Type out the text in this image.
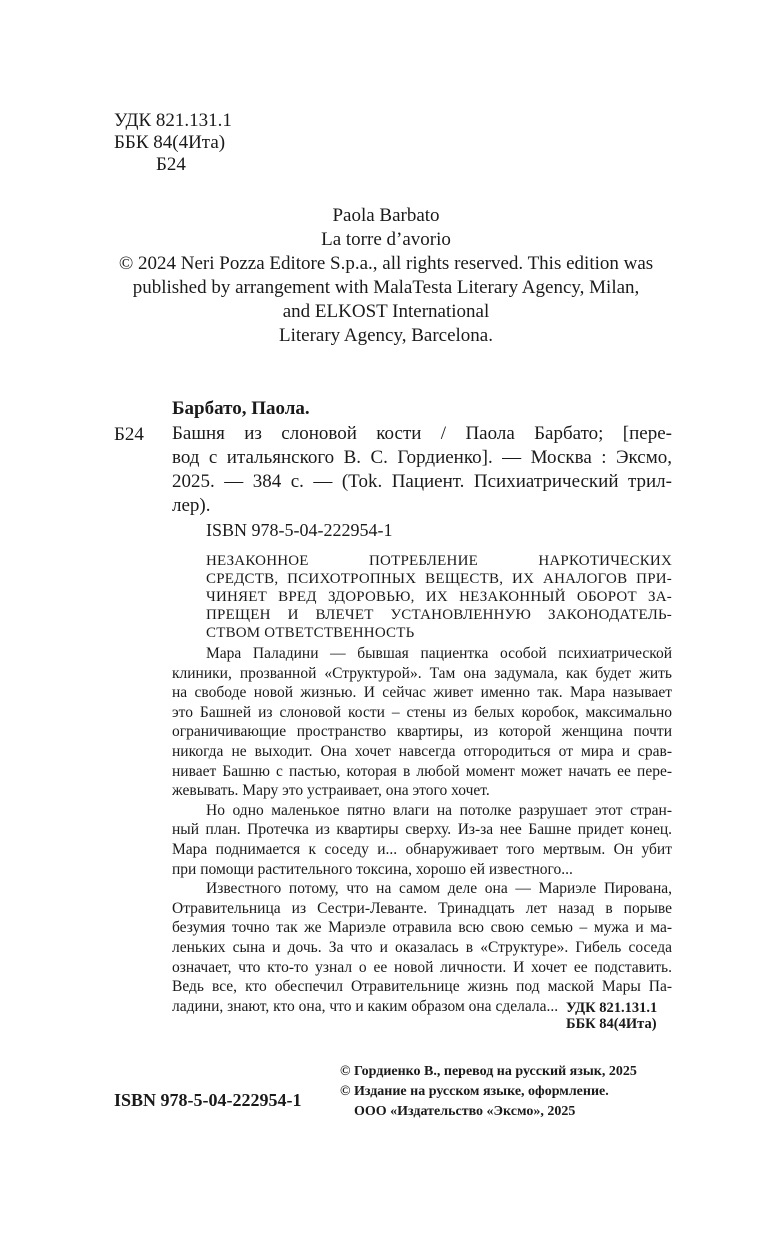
УДК 821.131.1
ББК 84(4Ита)
Б24
Paola Barbato
La torre d’avorio
© 2024 Neri Pozza Editore S.p.a., all rights reserved. This edition was
published by arrangement with MalaTesta Literary Agency, Milan,
and ELKOST International
Literary Agency, Barcelona.
Барбато, Паола.
Б24 Башня из слоновой кости / Паола Барбато; [пере-
вод с итальянского В. С. Гордиенко]. — Москва : Эксмо,
2025. — 384 с. — (Tok. Пациент. Психиатрический трил-
лер).
ISBN 978-5-04-222954-1
НЕЗАКОННОЕ ПОТРЕБЛЕНИЕ НАРКОТИЧЕСКИХ
СРЕДСТВ, ПСИХОТРОПНЫХ ВЕЩЕСТВ, ИХ АНАЛОГОВ ПРИ-
ЧИНЯЕТ ВРЕД ЗДОРОВЬЮ, ИХ НЕЗАКОННЫЙ ОБОРОТ ЗА-
ПРЕЩЕН И ВЛЕЧЕТ УСТАНОВЛЕННУЮ ЗАКОНОДАТЕЛЬ-
СТВОМ ОТВЕТСТВЕННОСТЬ
Мара Паладини — бывшая пациентка особой психиатрической
клиники, прозванной «Структурой». Там она задумала, как будет жить
на свободе новой жизнью. И сейчас живет именно так. Мара называет
это Башней из слоновой кости – стены из белых коробок, максимально
ограничивающие пространство квартиры, из которой женщина почти
никогда не выходит. Она хочет навсегда отгородиться от мира и срав-
нивает Башню с пастью, которая в любой момент может начать ее пере-
жевывать. Мару это устраивает, она этого хочет.
Но одно маленькое пятно влаги на потолке разрушает этот стран-
ный план. Протечка из квартиры сверху. Из-за нее Башне придет конец.
Мара поднимается к соседу и... обнаруживает того мертвым. Он убит
при помощи растительного токсина, хорошо ей известного...
Известного потому, что на самом деле она — Мариэле Пирована,
Отравительница из Сестри-Леванте. Тринадцать лет назад в порыве
безумия точно так же Мариэле отравила всю свою семью – мужа и ма-
леньких сына и дочь. За что и оказалась в «Структуре». Гибель соседа
означает, что кто-то узнал о ее новой личности. И хочет ее подставить.
Ведь все, кто обеспечил Отравительнице жизнь под маской Мары Па-
ладини, знают, кто она, что и каким образом она сделала... УДК 821.131.1
ББК 84(4Ита)
© Гордиенко В., перевод на русский язык, 2025
© Издание на русском языке, оформление.
ООО «Издательство «Эксмо», 2025
ISBN 978-5-04-222954-1
